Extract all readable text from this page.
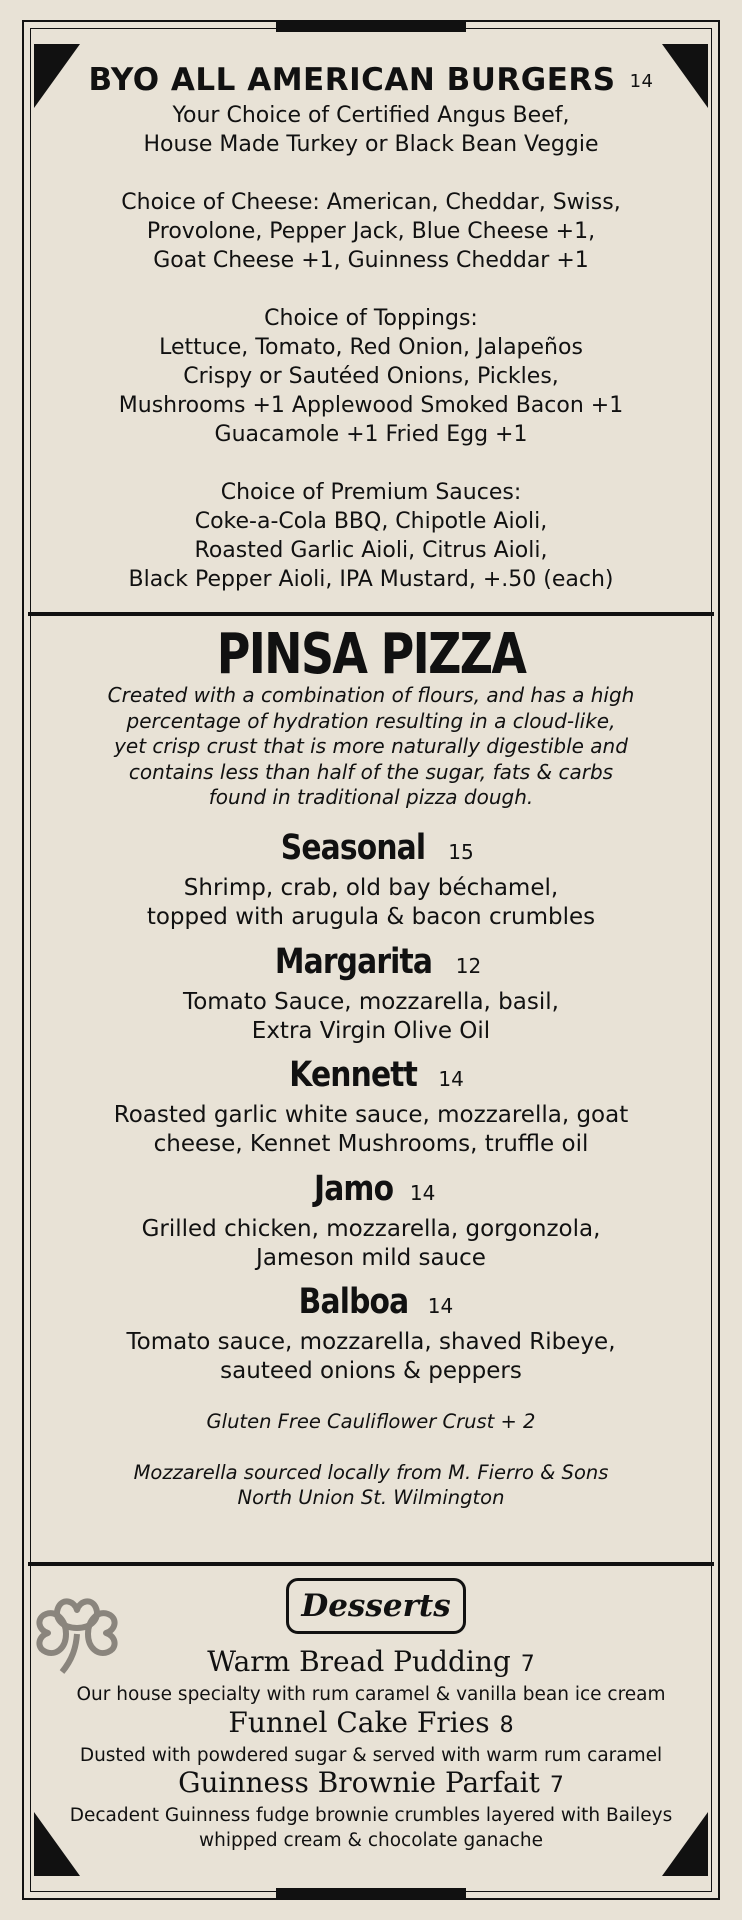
BYO ALL AMERICAN BURGERS 14
Your Choice of Certified Angus Beef,
House Made Turkey or Black Bean Veggie
Choice of Cheese: American, Cheddar, Swiss,
Provolone, Pepper Jack, Blue Cheese +1,
Goat Cheese +1, Guinness Cheddar +1
Choice of Toppings:
Lettuce, Tomato, Red Onion, Jalapeños
Crispy or Sautéed Onions, Pickles,
Mushrooms +1 Applewood Smoked Bacon +1
Guacamole +1 Fried Egg +1
Choice of Premium Sauces:
Coke-a-Cola BBQ, Chipotle Aioli,
Roasted Garlic Aioli, Citrus Aioli,
Black Pepper Aioli, IPA Mustard, +.50 (each)
PINSA PIZZA
Created with a combination of flours, and has a high
percentage of hydration resulting in a cloud-like,
yet crisp crust that is more naturally digestible and
contains less than half of the sugar, fats & carbs
found in traditional pizza dough.
Seasonal 15
Shrimp, crab, old bay béchamel,
topped with arugula & bacon crumbles
Margarita 12
Tomato Sauce, mozzarella, basil,
Extra Virgin Olive Oil
Kennett 14
Roasted garlic white sauce, mozzarella, goat
cheese, Kennet Mushrooms, truffle oil
Jamo 14
Grilled chicken, mozzarella, gorgonzola,
Jameson mild sauce
Balboa 14
Tomato sauce, mozzarella, shaved Ribeye,
sauteed onions & peppers
Gluten Free Cauliflower Crust + 2
Mozzarella sourced locally from M. Fierro & Sons
North Union St. Wilmington
Desserts
Warm Bread Pudding 7
Our house specialty with rum caramel & vanilla bean ice cream
Funnel Cake Fries 8
Dusted with powdered sugar & served with warm rum caramel
Guinness Brownie Parfait 7
Decadent Guinness fudge brownie crumbles layered with Baileys
whipped cream & chocolate ganache
